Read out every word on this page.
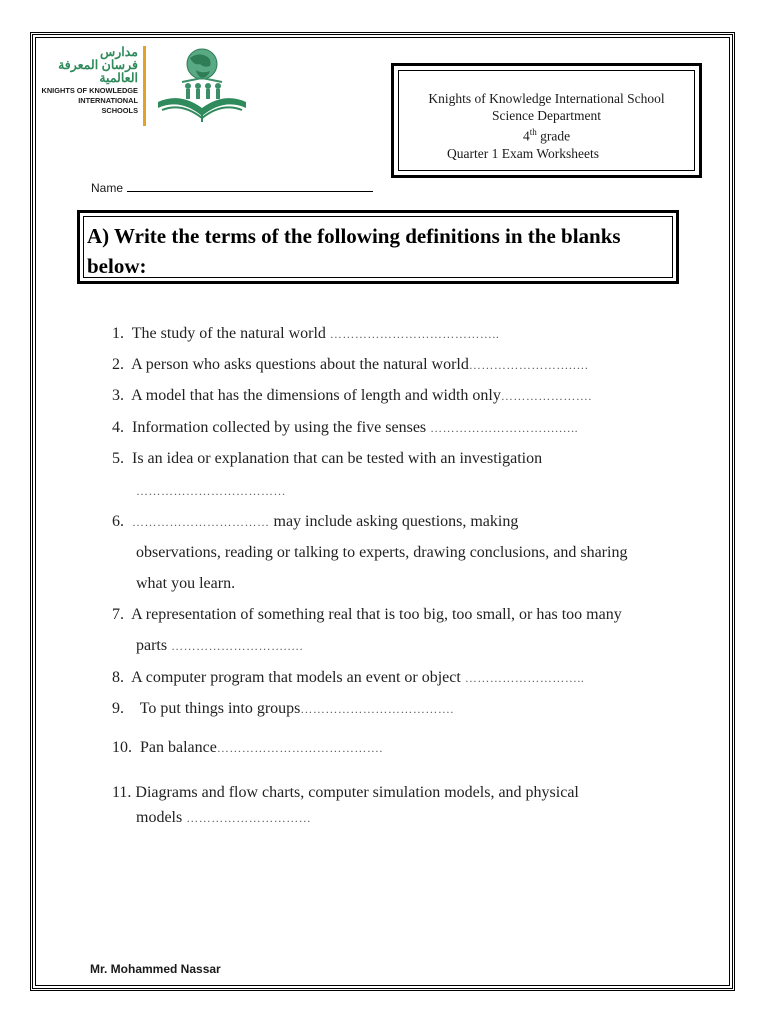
مدارس
فرسان المعرفة
العالمية
KNIGHTS OF KNOWLEDGE
INTERNATIONAL
SCHOOLS
Knights of Knowledge International School
Science Department
4th grade
Quarter 1 Exam Worksheets
Name
A) Write the terms of the following definitions in the blanks below:
1. The study of the natural world …………………………………..
2. A person who asks questions about the natural world…………………….….
3. A model that has the dimensions of length and width only………………….
4. Information collected by using the five senses ………………………….…..
5. Is an idea or explanation that can be tested with an investigation
………………………………
6. …………………………… may include asking questions, making
observations, reading or talking to experts, drawing conclusions, and sharing
what you learn.
7. A representation of something real that is too big, too small, or has too many
parts ……………………….….
8. A computer program that models an event or object ………………………..
9. To put things into groups……………………………….
10. Pan balance………………………………….
11. Diagrams and flow charts, computer simulation models, and physical
models …………………………
Mr. Mohammed Nassar
